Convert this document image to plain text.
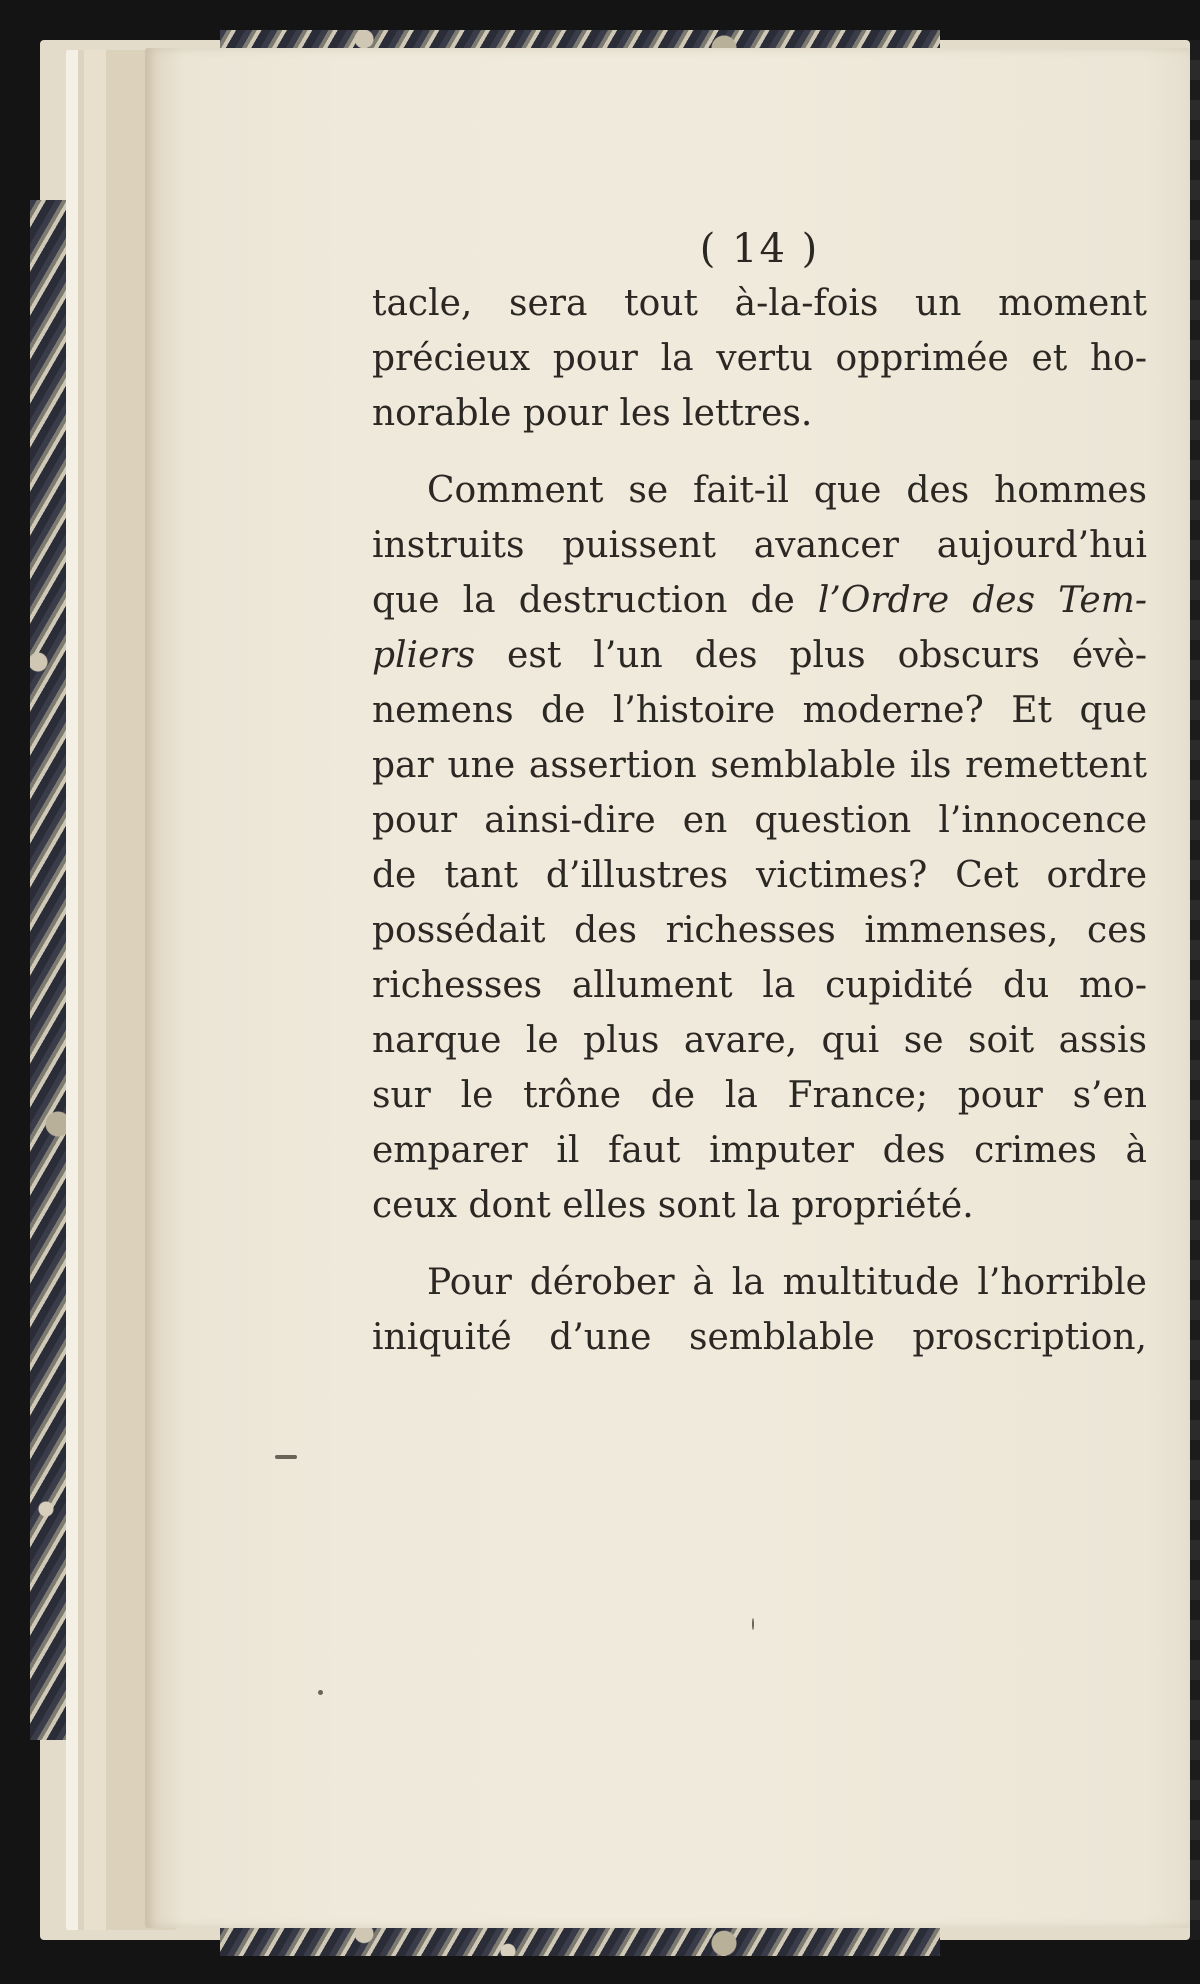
( 14 )

tacle, sera tout à-la-fois un moment
précieux pour la vertu opprimée et ho-
norable pour les lettres.

Comment se fait-il que des hommes
instruits puissent avancer aujourd’hui
que la destruction de l’Ordre des Tem-
pliers est l’un des plus obscurs évè-
nemens de l’histoire moderne? Et que
par une assertion semblable ils remettent
pour ainsi-dire en question l’innocence
de tant d’illustres victimes? Cet ordre
possédait des richesses immenses, ces
richesses allument la cupidité du mo-
narque le plus avare, qui se soit assis
sur le trône de la France; pour s’en
emparer il faut imputer des crimes à
ceux dont elles sont la propriété.

Pour dérober à la multitude l’horrible
iniquité d’une semblable proscription,
